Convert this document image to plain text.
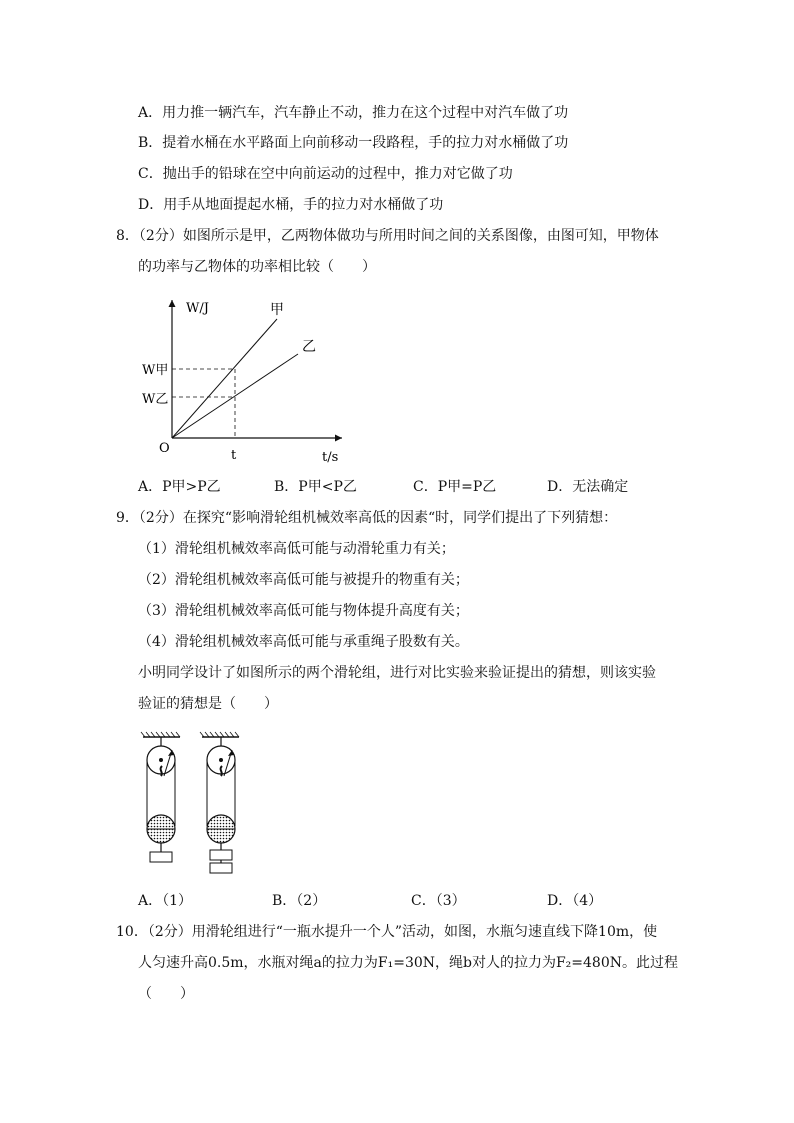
A．用力推一辆汽车，汽车静止不动，推力在这个过程中对汽车做了功
B．提着水桶在水平路面上向前移动一段路程，手的拉力对水桶做了功
C．抛出手的铅球在空中向前运动的过程中，推力对它做了功
D．用手从地面提起水桶，手的拉力对水桶做了功
8．（2分）如图所示是甲，乙两物体做功与所用时间之间的关系图像，由图可知，甲物体
的功率与乙物体的功率相比较（　　）
W/J
t/s
O	t
W甲
W乙
甲
乙
A．P甲>P乙	B．P甲<P乙	C．P甲=P乙	D．无法确定
9．（2分）在探究“影响滑轮组机械效率高低的因素“时，同学们提出了下列猜想：
（1）滑轮组机械效率高低可能与动滑轮重力有关；
（2）滑轮组机械效率高低可能与被提升的物重有关；
（3）滑轮组机械效率高低可能与物体提升高度有关；
（4）滑轮组机械效率高低可能与承重绳子股数有关。
小明同学设计了如图所示的两个滑轮组，进行对比实验来验证提出的猜想，则该实验
验证的猜想是（　　）
A．（1）	B．（2）	C．（3）	D．（4）
10．（2分）用滑轮组进行“一瓶水提升一个人”活动，如图，水瓶匀速直线下降10m，使
人匀速升高0.5m，水瓶对绳a的拉力为F₁=30N，绳b对人的拉力为F₂=480N。此过程
（　　）
